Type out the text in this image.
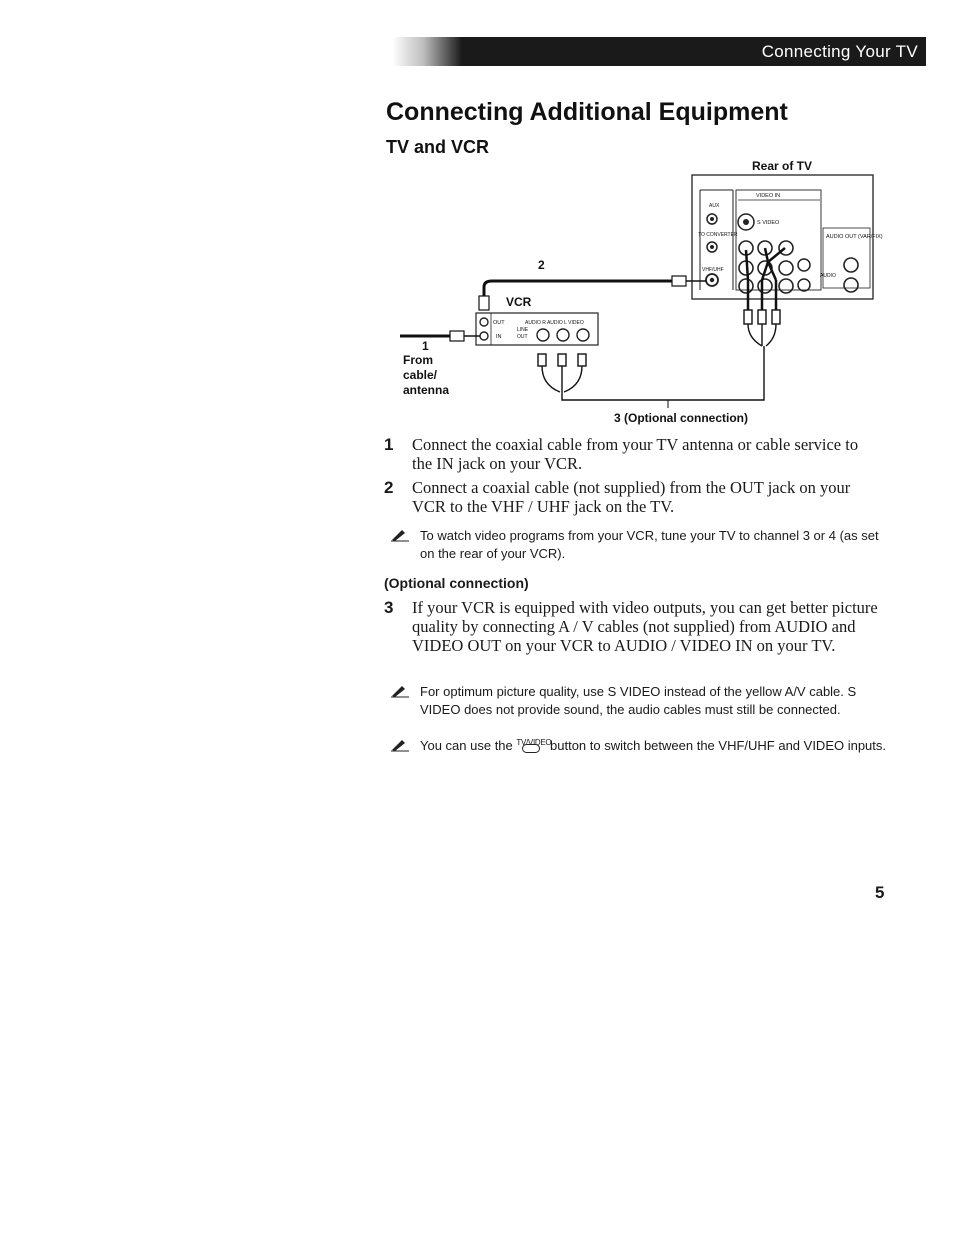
Connecting Your TV
Connecting Additional Equipment
TV and VCR
Rear of TV
AUX
TO CONVERTER
VHF/UHF
VIDEO IN
S VIDEO
AUDIO OUT (VAR/FIX)
AUDIO
2
VCR
OUT
IN
AUDIO R AUDIO L VIDEO
LINE
OUT
1
From
cable/
antenna
3 (Optional connection)
1 Connect the coaxial cable from your TV antenna or cable service to the IN jack on your VCR.
2 Connect a coaxial cable (not supplied) from the OUT jack on your VCR to the VHF / UHF jack on the TV.
To watch video programs from your VCR, tune your TV to channel 3 or 4 (as set on the rear of your VCR).
(Optional connection)
3 If your VCR is equipped with video outputs, you can get better picture quality by connecting A / V cables (not supplied) from AUDIO and VIDEO OUT on your VCR to AUDIO / VIDEO IN on your TV.
For optimum picture quality, use S VIDEO instead of the yellow A/V cable. S VIDEO does not provide sound, the audio cables must still be connected.
You can use the TV/VIDEO
button to switch between the VHF/UHF and VIDEO inputs.
5
